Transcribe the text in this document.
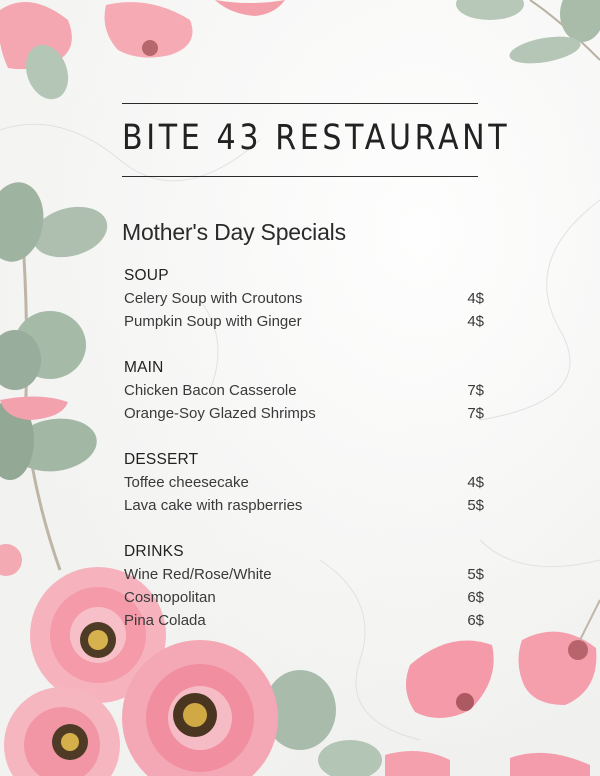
BITE 43 RESTAURANT
Mother's Day Specials
SOUP
Celery Soup with Croutons	4$
Pumpkin Soup with Ginger	4$
MAIN
Chicken Bacon Casserole	7$
Orange-Soy Glazed Shrimps	7$
DESSERT
Toffee cheesecake	4$
Lava cake with raspberries	5$
DRINKS
Wine Red/Rose/White	5$
Cosmopolitan	6$
Pina Colada	6$
